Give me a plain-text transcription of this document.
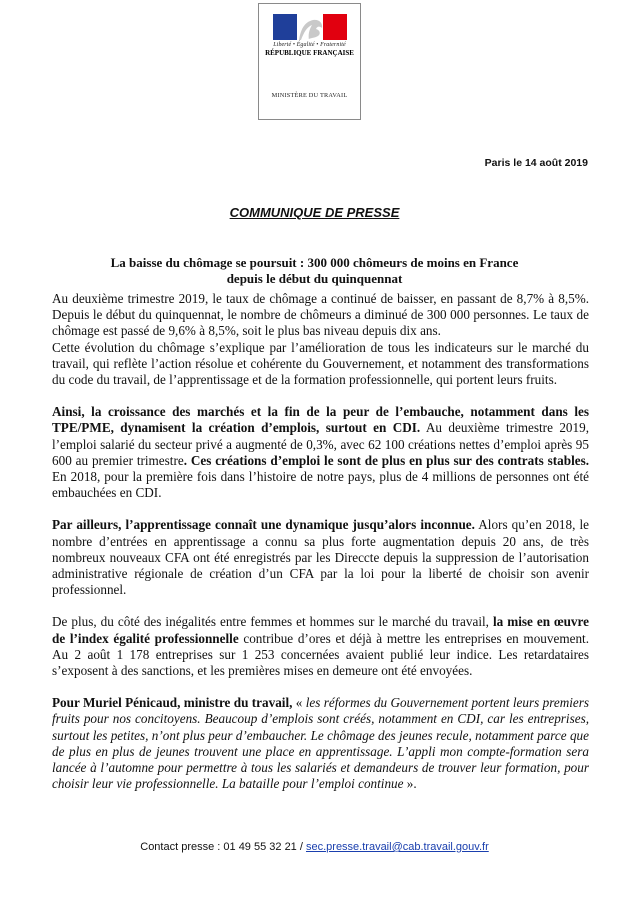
Liberté • Égalité • Fraternité
RÉPUBLIQUE FRANÇAISE
MINISTÈRE DU TRAVAIL
Paris le 14 août 2019
COMMUNIQUE DE PRESSE
La baisse du chômage se poursuit : 300 000 chômeurs de moins en France
depuis le début du quinquennat

Au deuxième trimestre 2019, le taux de chômage a continué de baisser, en passant de 8,7% à 8,5%. Depuis le début du quinquennat, le nombre de chômeurs a diminué de 300 000 personnes. Le taux de chômage est passé de 9,6% à 8,5%, soit le plus bas niveau depuis dix ans.
Cette évolution du chômage s’explique par l’amélioration de tous les indicateurs sur le marché du travail, qui reflète l’action résolue et cohérente du Gouvernement, et notamment des transformations du code du travail, de l’apprentissage et de la formation professionnelle, qui portent leurs fruits.

Ainsi, la croissance des marchés et la fin de la peur de l’embauche, notamment dans les TPE/PME, dynamisent la création d’emplois, surtout en CDI. Au deuxième trimestre 2019, l’emploi salarié du secteur privé a augmenté de 0,3%, avec 62 100 créations nettes d’emploi après 95 600 au premier trimestre. Ces créations d’emploi le sont de plus en plus sur des contrats stables. En 2018, pour la première fois dans l’histoire de notre pays, plus de 4 millions de personnes ont été embauchées en CDI.

Par ailleurs, l’apprentissage connaît une dynamique jusqu’alors inconnue. Alors qu’en 2018, le nombre d’entrées en apprentissage a connu sa plus forte augmentation depuis 20 ans, de très nombreux nouveaux CFA ont été enregistrés par les Direccte depuis la suppression de l’autorisation administrative régionale de création d’un CFA par la loi pour la liberté de choisir son avenir professionnel.

De plus, du côté des inégalités entre femmes et hommes sur le marché du travail, la mise en œuvre de l’index égalité professionnelle contribue d’ores et déjà à mettre les entreprises en mouvement. Au 2 août 1 178 entreprises sur 1 253 concernées avaient publié leur indice. Les retardataires s’exposent à des sanctions, et les premières mises en demeure ont été envoyées.

Pour Muriel Pénicaud, ministre du travail, « les réformes du Gouvernement portent leurs premiers fruits pour nos concitoyens. Beaucoup d’emplois sont créés, notamment en CDI, car les entreprises, surtout les petites, n’ont plus peur d’embaucher. Le chômage des jeunes recule, notamment parce que de plus en plus de jeunes trouvent une place en apprentissage. L’appli mon compte-formation sera lancée à l’automne pour permettre à tous les salariés et demandeurs de trouver leur formation, pour choisir leur vie professionnelle. La bataille pour l’emploi continue ».

Contact presse : 01 49 55 32 21 / sec.presse.travail@cab.travail.gouv.fr
